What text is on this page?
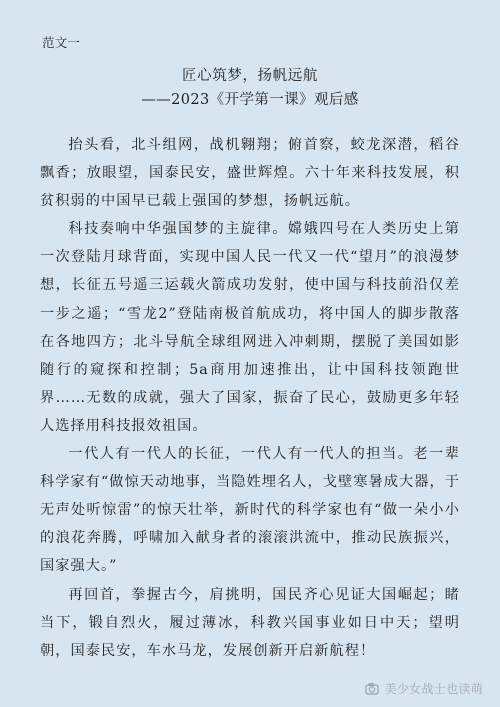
范文一
匠心筑梦，扬帆远航
——2023《开学第一课》观后感

抬头看，北斗组网，战机翱翔；俯首察，蛟龙深潜，稻谷飘香；放眼望，国泰民安，盛世辉煌。六十年来科技发展，积贫积弱的中国早已载上强国的梦想，扬帆远航。

科技奏响中华强国梦的主旋律。嫦娥四号在人类历史上第一次登陆月球背面，实现中国人民一代又一代“望月”的浪漫梦想，长征五号遥三运载火箭成功发射，使中国与科技前沿仅差一步之遥；“雪龙2”登陆南极首航成功，将中国人的脚步散落在各地四方；北斗导航全球组网进入冲刺期，摆脱了美国如影随行的窥探和控制；5a商用加速推出，让中国科技领跑世界……无数的成就，强大了国家，振奋了民心，鼓励更多年轻人选择用科技报效祖国。

一代人有一代人的长征，一代人有一代人的担当。老一辈科学家有“做惊天动地事，当隐姓埋名人，戈壁寒暑成大器，于无声处听惊雷”的惊天壮举，新时代的科学家也有“做一朵小小的浪花奔腾，呼啸加入献身者的滚滚洪流中，推动民族振兴，国家强大。”

再回首，拳握古今，肩挑明，国民齐心见证大国崛起；睹当下，锻自烈火，履过薄冰，科教兴国事业如日中天；望明朝，国泰民安，车水马龙，发展创新开启新航程！

美少女战士也读萌
